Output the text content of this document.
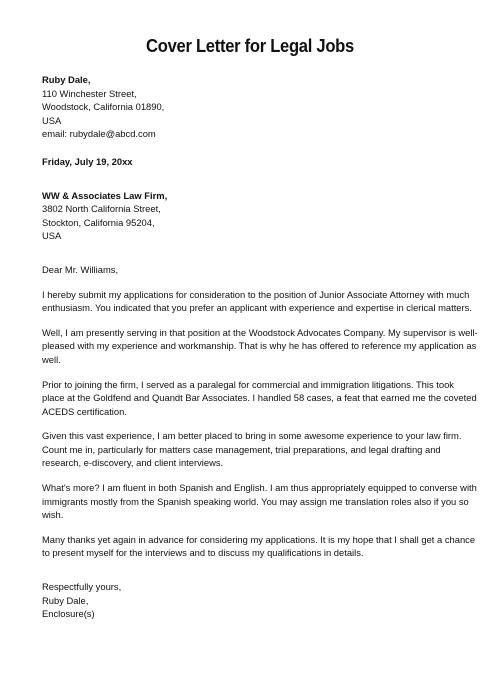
Cover Letter for Legal Jobs
Ruby Dale,
110 Winchester Street,
Woodstock, California 01890,
USA
email: rubydale@abcd.com
Friday, July 19, 20xx
WW & Associates Law Firm,
3802 North California Street,
Stockton, California 95204,
USA
Dear Mr. Williams,
I hereby submit my applications for consideration to the position of Junior Associate Attorney with much
enthusiasm. You indicated that you prefer an applicant with experience and expertise in clerical matters.
Well, I am presently serving in that position at the Woodstock Advocates Company. My supervisor is well-
pleased with my experience and workmanship. That is why he has offered to reference my application as
well.
Prior to joining the firm, I served as a paralegal for commercial and immigration litigations. This took
place at the Goldfend and Quandt Bar Associates. I handled 58 cases, a feat that earned me the coveted
ACEDS certification.
Given this vast experience, I am better placed to bring in some awesome experience to your law firm.
Count me in, particularly for matters case management, trial preparations, and legal drafting and
research, e-discovery, and client interviews.
What's more? I am fluent in both Spanish and English. I am thus appropriately equipped to converse with
immigrants mostly from the Spanish speaking world. You may assign me translation roles also if you so
wish.
Many thanks yet again in advance for considering my applications. It is my hope that I shall get a chance
to present myself for the interviews and to discuss my qualifications in details.
Respectfully yours,
Ruby Dale,
Enclosure(s)
